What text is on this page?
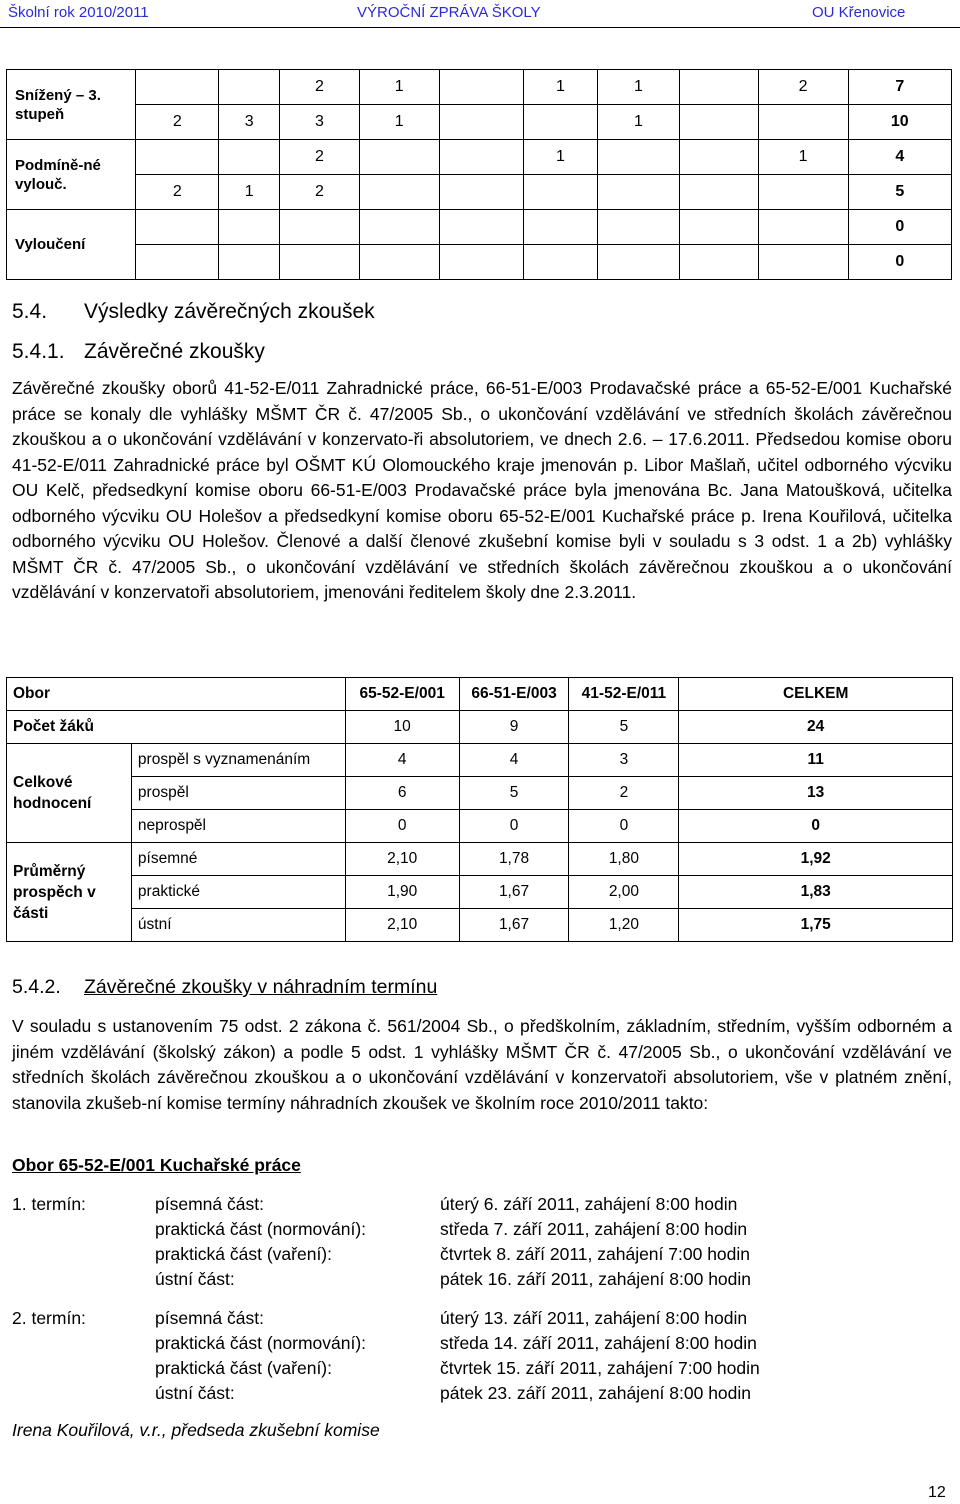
Školní rok 2010/2011	VÝROČNÍ ZPRÁVA ŠKOLY	OU Křenovice
Snížený – 3. stupeň			2	1		1	1		2	7
	2	3	3	1			1			10
Podmíně-né vylouč.			2			1			1	4
	2	1	2							5
Vyloučení										0
										0
5.4. Výsledky závěrečných zkoušek
5.4.1. Závěrečné zkoušky
Závěrečné zkoušky oborů 41-52-E/011 Zahradnické práce, 66-51-E/003 Prodavačské práce a 65-52-E/001 Kuchařské práce se konaly dle vyhlášky MŠMT ČR č. 47/2005 Sb., o ukončování vzdělávání ve středních školách závěrečnou zkouškou a o ukončování vzdělávání v konzervato-ři absolutoriem, ve dnech 2.6. – 17.6.2011. Předsedou komise oboru 41-52-E/011 Zahradnické práce byl OŠMT KÚ Olomouckého kraje jmenován p. Libor Mašlaň, učitel odborného výcviku OU Kelč, předsedkyní komise oboru 66-51-E/003 Prodavačské práce byla jmenována Bc. Jana Matoušková, učitelka odborného výcviku OU Holešov a předsedkyní komise oboru 65-52-E/001 Kuchařské práce p. Irena Kouřilová, učitelka odborného výcviku OU Holešov. Členové a další členové zkušební komise byli v souladu s 3 odst. 1 a 2b) vyhlášky MŠMT ČR č. 47/2005 Sb., o ukončování vzdělávání ve středních školách závěrečnou zkouškou a o ukončování vzdělávání v konzervatoři absolutoriem, jmenováni ředitelem školy dne 2.3.2011.
Obor		65-52-E/001	66-51-E/003	41-52-E/011	CELKEM
Počet žáků		10	9	5	24
Celkové hodnocení	prospěl s vyznamenáním	4	4	3	11
	prospěl	6	5	2	13
	neprospěl	0	0	0	0
Průměrný prospěch v části	písemné	2,10	1,78	1,80	1,92
	praktické	1,90	1,67	2,00	1,83
	ústní	2,10	1,67	1,20	1,75
5.4.2. Závěrečné zkoušky v náhradním termínu
V souladu s ustanovením 75 odst. 2 zákona č. 561/2004 Sb., o předškolním, základním, středním, vyšším odborném a jiném vzdělávání (školský zákon) a podle 5 odst. 1 vyhlášky MŠMT ČR č. 47/2005 Sb., o ukončování vzdělávání ve středních školách závěrečnou zkouškou a o ukončování vzdělávání v konzervatoři absolutoriem, vše v platném znění, stanovila zkušeb-ní komise termíny náhradních zkoušek ve školním roce 2010/2011 takto:
Obor 65-52-E/001 Kuchařské práce
1. termín:	písemná část:	úterý 6. září 2011, zahájení 8:00 hodin
praktická část (normování):	středa 7. září 2011, zahájení 8:00 hodin
praktická část (vaření):	čtvrtek 8. září 2011, zahájení 7:00 hodin
ústní část:	pátek 16. září 2011, zahájení 8:00 hodin
2. termín:	písemná část:	úterý 13. září 2011, zahájení 8:00 hodin
praktická část (normování):	středa 14. září 2011, zahájení 8:00 hodin
praktická část (vaření):	čtvrtek 15. září 2011, zahájení 7:00 hodin
ústní část:	pátek 23. září 2011, zahájení 8:00 hodin
Irena Kouřilová, v.r., předseda zkušební komise
12
